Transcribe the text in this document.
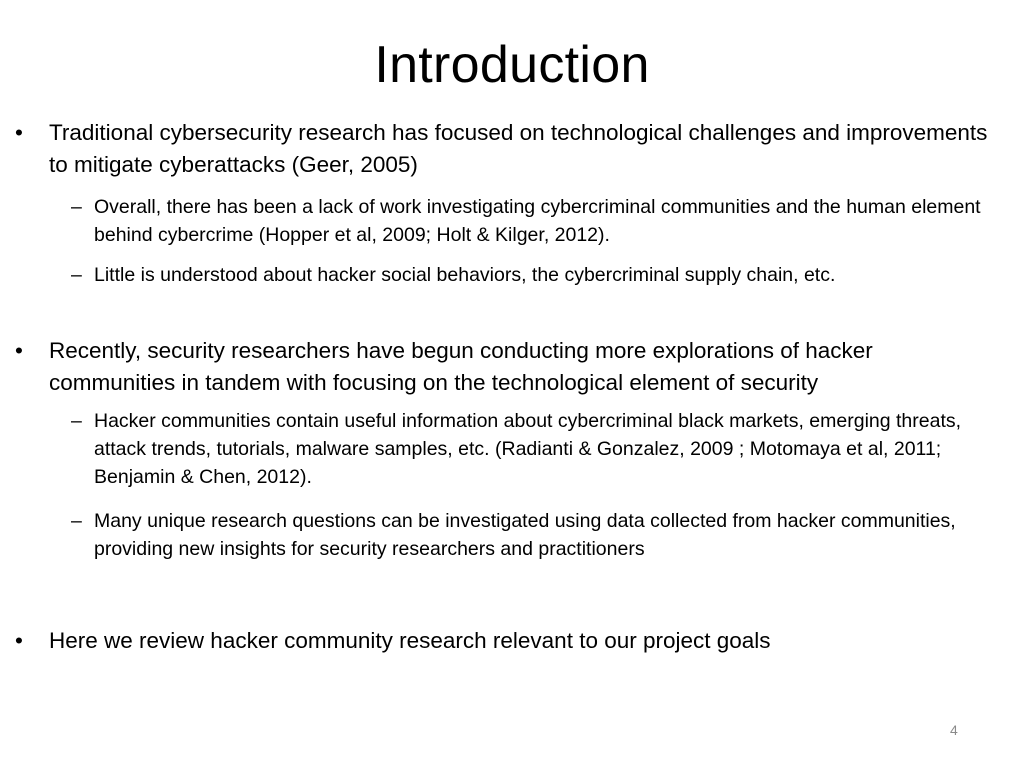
Introduction
•	Traditional cybersecurity research has focused on technological challenges and improvements to mitigate cyberattacks (Geer, 2005)
– Overall, there has been a lack of work investigating cybercriminal communities and the human element behind cybercrime (Hopper et al, 2009; Holt & Kilger, 2012).
– Little is understood about hacker social behaviors, the cybercriminal supply chain, etc.
•	Recently, security researchers have begun conducting more explorations of hacker communities in tandem with focusing on the technological element of security
– Hacker communities contain useful information about cybercriminal black markets, emerging threats, attack trends, tutorials, malware samples, etc. (Radianti & Gonzalez, 2009 ; Motomaya et al, 2011; Benjamin & Chen, 2012).
– Many unique research questions can be investigated using data collected from hacker communities, providing new insights for security researchers and practitioners
•	Here we review hacker community research relevant to our project goals
4
